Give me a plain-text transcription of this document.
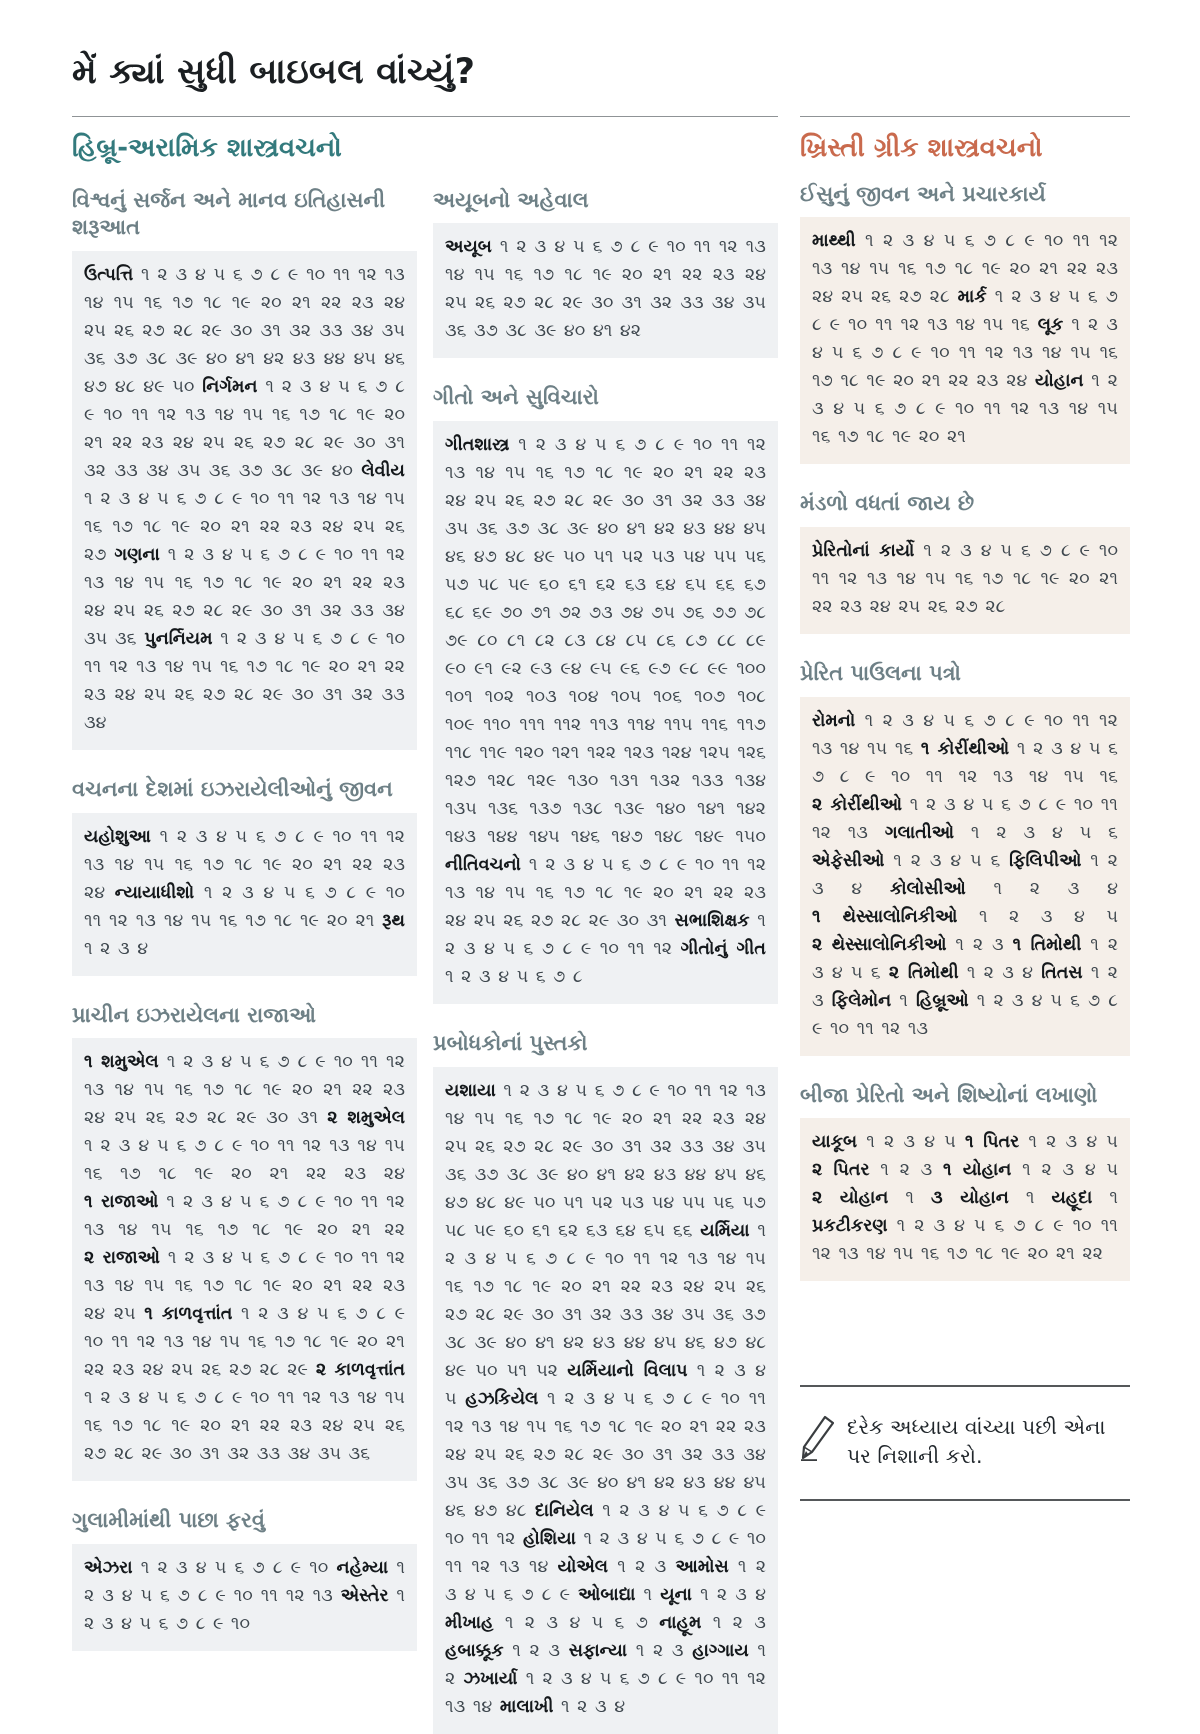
મેં ક્યાં સુધી બાઇબલ વાંચ્યું?
હિબ્રૂ-અરામિક શાસ્ત્રવચનો
વિશ્વનું સર્જન અને માનવ ઇતિહાસની શરૂઆત
ઉત્પત્તિ ૧ ૨ ૩ ૪ ૫ ૬ ૭ ૮ ૯ ૧૦ ૧૧ ૧૨ ૧૩ ૧૪ ૧૫ ૧૬ ૧૭ ૧૮ ૧૯ ૨૦ ૨૧ ૨૨ ૨૩ ૨૪ ૨૫ ૨૬ ૨૭ ૨૮ ૨૯ ૩૦ ૩૧ ૩૨ ૩૩ ૩૪ ૩૫ ૩૬ ૩૭ ૩૮ ૩૯ ૪૦ ૪૧ ૪૨ ૪૩ ૪૪ ૪૫ ૪૬ ૪૭ ૪૮ ૪૯ ૫૦ નિર્ગમન ૧ ૨ ૩ ૪ ૫ ૬ ૭ ૮ ૯ ૧૦ ૧૧ ૧૨ ૧૩ ૧૪ ૧૫ ૧૬ ૧૭ ૧૮ ૧૯ ૨૦ ૨૧ ૨૨ ૨૩ ૨૪ ૨૫ ૨૬ ૨૭ ૨૮ ૨૯ ૩૦ ૩૧ ૩૨ ૩૩ ૩૪ ૩૫ ૩૬ ૩૭ ૩૮ ૩૯ ૪૦ લેવીય ૧ ૨ ૩ ૪ ૫ ૬ ૭ ૮ ૯ ૧૦ ૧૧ ૧૨ ૧૩ ૧૪ ૧૫ ૧૬ ૧૭ ૧૮ ૧૯ ૨૦ ૨૧ ૨૨ ૨૩ ૨૪ ૨૫ ૨૬ ૨૭ ગણના ૧ ૨ ૩ ૪ ૫ ૬ ૭ ૮ ૯ ૧૦ ૧૧ ૧૨ ૧૩ ૧૪ ૧૫ ૧૬ ૧૭ ૧૮ ૧૯ ૨૦ ૨૧ ૨૨ ૨૩ ૨૪ ૨૫ ૨૬ ૨૭ ૨૮ ૨૯ ૩૦ ૩૧ ૩૨ ૩૩ ૩૪ ૩૫ ૩૬ પુનર્નિયમ ૧ ૨ ૩ ૪ ૫ ૬ ૭ ૮ ૯ ૧૦ ૧૧ ૧૨ ૧૩ ૧૪ ૧૫ ૧૬ ૧૭ ૧૮ ૧૯ ૨૦ ૨૧ ૨૨ ૨૩ ૨૪ ૨૫ ૨૬ ૨૭ ૨૮ ૨૯ ૩૦ ૩૧ ૩૨ ૩૩ ૩૪
વચનના દેશમાં ઇઝરાયેલીઓનું જીવન
યહોશુઆ ૧ ૨ ૩ ૪ ૫ ૬ ૭ ૮ ૯ ૧૦ ૧૧ ૧૨ ૧૩ ૧૪ ૧૫ ૧૬ ૧૭ ૧૮ ૧૯ ૨૦ ૨૧ ૨૨ ૨૩ ૨૪ ન્યાયાધીશો ૧ ૨ ૩ ૪ ૫ ૬ ૭ ૮ ૯ ૧૦ ૧૧ ૧૨ ૧૩ ૧૪ ૧૫ ૧૬ ૧૭ ૧૮ ૧૯ ૨૦ ૨૧ રૂથ ૧ ૨ ૩ ૪
પ્રાચીન ઇઝરાયેલના રાજાઓ
૧ શમુએલ ૧ ૨ ૩ ૪ ૫ ૬ ૭ ૮ ૯ ૧૦ ૧૧ ૧૨ ૧૩ ૧૪ ૧૫ ૧૬ ૧૭ ૧૮ ૧૯ ૨૦ ૨૧ ૨૨ ૨૩ ૨૪ ૨૫ ૨૬ ૨૭ ૨૮ ૨૯ ૩૦ ૩૧ ૨ શમુએલ ૧ ૨ ૩ ૪ ૫ ૬ ૭ ૮ ૯ ૧૦ ૧૧ ૧૨ ૧૩ ૧૪ ૧૫ ૧૬ ૧૭ ૧૮ ૧૯ ૨૦ ૨૧ ૨૨ ૨૩ ૨૪ ૧ રાજાઓ ૧ ૨ ૩ ૪ ૫ ૬ ૭ ૮ ૯ ૧૦ ૧૧ ૧૨ ૧૩ ૧૪ ૧૫ ૧૬ ૧૭ ૧૮ ૧૯ ૨૦ ૨૧ ૨૨ ૨ રાજાઓ ૧ ૨ ૩ ૪ ૫ ૬ ૭ ૮ ૯ ૧૦ ૧૧ ૧૨ ૧૩ ૧૪ ૧૫ ૧૬ ૧૭ ૧૮ ૧૯ ૨૦ ૨૧ ૨૨ ૨૩ ૨૪ ૨૫ ૧ કાળવૃત્તાંત ૧ ૨ ૩ ૪ ૫ ૬ ૭ ૮ ૯ ૧૦ ૧૧ ૧૨ ૧૩ ૧૪ ૧૫ ૧૬ ૧૭ ૧૮ ૧૯ ૨૦ ૨૧ ૨૨ ૨૩ ૨૪ ૨૫ ૨૬ ૨૭ ૨૮ ૨૯ ૨ કાળવૃત્તાંત ૧ ૨ ૩ ૪ ૫ ૬ ૭ ૮ ૯ ૧૦ ૧૧ ૧૨ ૧૩ ૧૪ ૧૫ ૧૬ ૧૭ ૧૮ ૧૯ ૨૦ ૨૧ ૨૨ ૨૩ ૨૪ ૨૫ ૨૬ ૨૭ ૨૮ ૨૯ ૩૦ ૩૧ ૩૨ ૩૩ ૩૪ ૩૫ ૩૬
ગુલામીમાંથી પાછા ફરવું
એઝરા ૧ ૨ ૩ ૪ ૫ ૬ ૭ ૮ ૯ ૧૦ નહેમ્યા ૧ ૨ ૩ ૪ ૫ ૬ ૭ ૮ ૯ ૧૦ ૧૧ ૧૨ ૧૩ એસ્તેર ૧ ૨ ૩ ૪ ૫ ૬ ૭ ૮ ૯ ૧૦
અયૂબનો અહેવાલ
અયૂબ ૧ ૨ ૩ ૪ ૫ ૬ ૭ ૮ ૯ ૧૦ ૧૧ ૧૨ ૧૩ ૧૪ ૧૫ ૧૬ ૧૭ ૧૮ ૧૯ ૨૦ ૨૧ ૨૨ ૨૩ ૨૪ ૨૫ ૨૬ ૨૭ ૨૮ ૨૯ ૩૦ ૩૧ ૩૨ ૩૩ ૩૪ ૩૫ ૩૬ ૩૭ ૩૮ ૩૯ ૪૦ ૪૧ ૪૨
ગીતો અને સુવિચારો
ગીતશાસ્ત્ર ૧ ૨ ૩ ૪ ૫ ૬ ૭ ૮ ૯ ૧૦ ૧૧ ૧૨ ૧૩ ૧૪ ૧૫ ૧૬ ૧૭ ૧૮ ૧૯ ૨૦ ૨૧ ૨૨ ૨૩ ૨૪ ૨૫ ૨૬ ૨૭ ૨૮ ૨૯ ૩૦ ૩૧ ૩૨ ૩૩ ૩૪ ૩૫ ૩૬ ૩૭ ૩૮ ૩૯ ૪૦ ૪૧ ૪૨ ૪૩ ૪૪ ૪૫ ૪૬ ૪૭ ૪૮ ૪૯ ૫૦ ૫૧ ૫૨ ૫૩ ૫૪ ૫૫ ૫૬ ૫૭ ૫૮ ૫૯ ૬૦ ૬૧ ૬૨ ૬૩ ૬૪ ૬૫ ૬૬ ૬૭ ૬૮ ૬૯ ૭૦ ૭૧ ૭૨ ૭૩ ૭૪ ૭૫ ૭૬ ૭૭ ૭૮ ૭૯ ૮૦ ૮૧ ૮૨ ૮૩ ૮૪ ૮૫ ૮૬ ૮૭ ૮૮ ૮૯ ૯૦ ૯૧ ૯૨ ૯૩ ૯૪ ૯૫ ૯૬ ૯૭ ૯૮ ૯૯ ૧૦૦ ૧૦૧ ૧૦૨ ૧૦૩ ૧૦૪ ૧૦૫ ૧૦૬ ૧૦૭ ૧૦૮ ૧૦૯ ૧૧૦ ૧૧૧ ૧૧૨ ૧૧૩ ૧૧૪ ૧૧૫ ૧૧૬ ૧૧૭ ૧૧૮ ૧૧૯ ૧૨૦ ૧૨૧ ૧૨૨ ૧૨૩ ૧૨૪ ૧૨૫ ૧૨૬ ૧૨૭ ૧૨૮ ૧૨૯ ૧૩૦ ૧૩૧ ૧૩૨ ૧૩૩ ૧૩૪ ૧૩૫ ૧૩૬ ૧૩૭ ૧૩૮ ૧૩૯ ૧૪૦ ૧૪૧ ૧૪૨ ૧૪૩ ૧૪૪ ૧૪૫ ૧૪૬ ૧૪૭ ૧૪૮ ૧૪૯ ૧૫૦ નીતિવચનો ૧ ૨ ૩ ૪ ૫ ૬ ૭ ૮ ૯ ૧૦ ૧૧ ૧૨ ૧૩ ૧૪ ૧૫ ૧૬ ૧૭ ૧૮ ૧૯ ૨૦ ૨૧ ૨૨ ૨૩ ૨૪ ૨૫ ૨૬ ૨૭ ૨૮ ૨૯ ૩૦ ૩૧ સભાશિક્ષક ૧ ૨ ૩ ૪ ૫ ૬ ૭ ૮ ૯ ૧૦ ૧૧ ૧૨ ગીતોનું ગીત ૧ ૨ ૩ ૪ ૫ ૬ ૭ ૮
પ્રબોધકોનાં પુસ્તકો
યશાયા ૧ ૨ ૩ ૪ ૫ ૬ ૭ ૮ ૯ ૧૦ ૧૧ ૧૨ ૧૩ ૧૪ ૧૫ ૧૬ ૧૭ ૧૮ ૧૯ ૨૦ ૨૧ ૨૨ ૨૩ ૨૪ ૨૫ ૨૬ ૨૭ ૨૮ ૨૯ ૩૦ ૩૧ ૩૨ ૩૩ ૩૪ ૩૫ ૩૬ ૩૭ ૩૮ ૩૯ ૪૦ ૪૧ ૪૨ ૪૩ ૪૪ ૪૫ ૪૬ ૪૭ ૪૮ ૪૯ ૫૦ ૫૧ ૫૨ ૫૩ ૫૪ ૫૫ ૫૬ ૫૭ ૫૮ ૫૯ ૬૦ ૬૧ ૬૨ ૬૩ ૬૪ ૬૫ ૬૬ યર્મિયા ૧ ૨ ૩ ૪ ૫ ૬ ૭ ૮ ૯ ૧૦ ૧૧ ૧૨ ૧૩ ૧૪ ૧૫ ૧૬ ૧૭ ૧૮ ૧૯ ૨૦ ૨૧ ૨૨ ૨૩ ૨૪ ૨૫ ૨૬ ૨૭ ૨૮ ૨૯ ૩૦ ૩૧ ૩૨ ૩૩ ૩૪ ૩૫ ૩૬ ૩૭ ૩૮ ૩૯ ૪૦ ૪૧ ૪૨ ૪૩ ૪૪ ૪૫ ૪૬ ૪૭ ૪૮ ૪૯ ૫૦ ૫૧ ૫૨ યર્મિયાનો વિલાપ ૧ ૨ ૩ ૪ ૫ હઝકિયેલ ૧ ૨ ૩ ૪ ૫ ૬ ૭ ૮ ૯ ૧૦ ૧૧ ૧૨ ૧૩ ૧૪ ૧૫ ૧૬ ૧૭ ૧૮ ૧૯ ૨૦ ૨૧ ૨૨ ૨૩ ૨૪ ૨૫ ૨૬ ૨૭ ૨૮ ૨૯ ૩૦ ૩૧ ૩૨ ૩૩ ૩૪ ૩૫ ૩૬ ૩૭ ૩૮ ૩૯ ૪૦ ૪૧ ૪૨ ૪૩ ૪૪ ૪૫ ૪૬ ૪૭ ૪૮ દાનિયેલ ૧ ૨ ૩ ૪ ૫ ૬ ૭ ૮ ૯ ૧૦ ૧૧ ૧૨ હોશિયા ૧ ૨ ૩ ૪ ૫ ૬ ૭ ૮ ૯ ૧૦ ૧૧ ૧૨ ૧૩ ૧૪ યોએલ ૧ ૨ ૩ આમોસ ૧ ૨ ૩ ૪ ૫ ૬ ૭ ૮ ૯ ઓબાદ્યા ૧ યૂના ૧ ૨ ૩ ૪ મીખાહ ૧ ૨ ૩ ૪ ૫ ૬ ૭ નાહૂમ ૧ ૨ ૩ હબાક્કૂક ૧ ૨ ૩ સફાન્યા ૧ ૨ ૩ હાગ્ગાય ૧ ૨ ઝખાર્યા ૧ ૨ ૩ ૪ ૫ ૬ ૭ ૮ ૯ ૧૦ ૧૧ ૧૨ ૧૩ ૧૪ માલાખી ૧ ૨ ૩ ૪
ખ્રિસ્તી ગ્રીક શાસ્ત્રવચનો
ઈસુનું જીવન અને પ્રચારકાર્ય
માથ્થી ૧ ૨ ૩ ૪ ૫ ૬ ૭ ૮ ૯ ૧૦ ૧૧ ૧૨ ૧૩ ૧૪ ૧૫ ૧૬ ૧૭ ૧૮ ૧૯ ૨૦ ૨૧ ૨૨ ૨૩ ૨૪ ૨૫ ૨૬ ૨૭ ૨૮ માર્ક ૧ ૨ ૩ ૪ ૫ ૬ ૭ ૮ ૯ ૧૦ ૧૧ ૧૨ ૧૩ ૧૪ ૧૫ ૧૬ લૂક ૧ ૨ ૩ ૪ ૫ ૬ ૭ ૮ ૯ ૧૦ ૧૧ ૧૨ ૧૩ ૧૪ ૧૫ ૧૬ ૧૭ ૧૮ ૧૯ ૨૦ ૨૧ ૨૨ ૨૩ ૨૪ યોહાન ૧ ૨ ૩ ૪ ૫ ૬ ૭ ૮ ૯ ૧૦ ૧૧ ૧૨ ૧૩ ૧૪ ૧૫ ૧૬ ૧૭ ૧૮ ૧૯ ૨૦ ૨૧
મંડળો વધતાં જાય છે
પ્રેરિતોનાં કાર્યો ૧ ૨ ૩ ૪ ૫ ૬ ૭ ૮ ૯ ૧૦ ૧૧ ૧૨ ૧૩ ૧૪ ૧૫ ૧૬ ૧૭ ૧૮ ૧૯ ૨૦ ૨૧ ૨૨ ૨૩ ૨૪ ૨૫ ૨૬ ૨૭ ૨૮
પ્રેરિત પાઉલના પત્રો
રોમનો ૧ ૨ ૩ ૪ ૫ ૬ ૭ ૮ ૯ ૧૦ ૧૧ ૧૨ ૧૩ ૧૪ ૧૫ ૧૬ ૧ કોરીંથીઓ ૧ ૨ ૩ ૪ ૫ ૬ ૭ ૮ ૯ ૧૦ ૧૧ ૧૨ ૧૩ ૧૪ ૧૫ ૧૬ ૨ કોરીંથીઓ ૧ ૨ ૩ ૪ ૫ ૬ ૭ ૮ ૯ ૧૦ ૧૧ ૧૨ ૧૩ ગલાતીઓ ૧ ૨ ૩ ૪ ૫ ૬ એફેસીઓ ૧ ૨ ૩ ૪ ૫ ૬ ફિલિપીઓ ૧ ૨ ૩ ૪ કોલોસીઓ ૧ ૨ ૩ ૪ ૧ થેસ્સાલોનિકીઓ ૧ ૨ ૩ ૪ ૫ ૨ થેસ્સાલોનિકીઓ ૧ ૨ ૩ ૧ તિમોથી ૧ ૨ ૩ ૪ ૫ ૬ ૨ તિમોથી ૧ ૨ ૩ ૪ તિતસ ૧ ૨ ૩ ફિલેમોન ૧ હિબ્રૂઓ ૧ ૨ ૩ ૪ ૫ ૬ ૭ ૮ ૯ ૧૦ ૧૧ ૧૨ ૧૩
બીજા પ્રેરિતો અને શિષ્યોનાં લખાણો
યાકૂબ ૧ ૨ ૩ ૪ ૫ ૧ પિતર ૧ ૨ ૩ ૪ ૫ ૨ પિતર ૧ ૨ ૩ ૧ યોહાન ૧ ૨ ૩ ૪ ૫ ૨ યોહાન ૧ ૩ યોહાન ૧ યહૂદા ૧ પ્રકટીકરણ ૧ ૨ ૩ ૪ ૫ ૬ ૭ ૮ ૯ ૧૦ ૧૧ ૧૨ ૧૩ ૧૪ ૧૫ ૧૬ ૧૭ ૧૮ ૧૯ ૨૦ ૨૧ ૨૨
દરેક અધ્યાય વાંચ્યા પછી એના પર નિશાની કરો.
